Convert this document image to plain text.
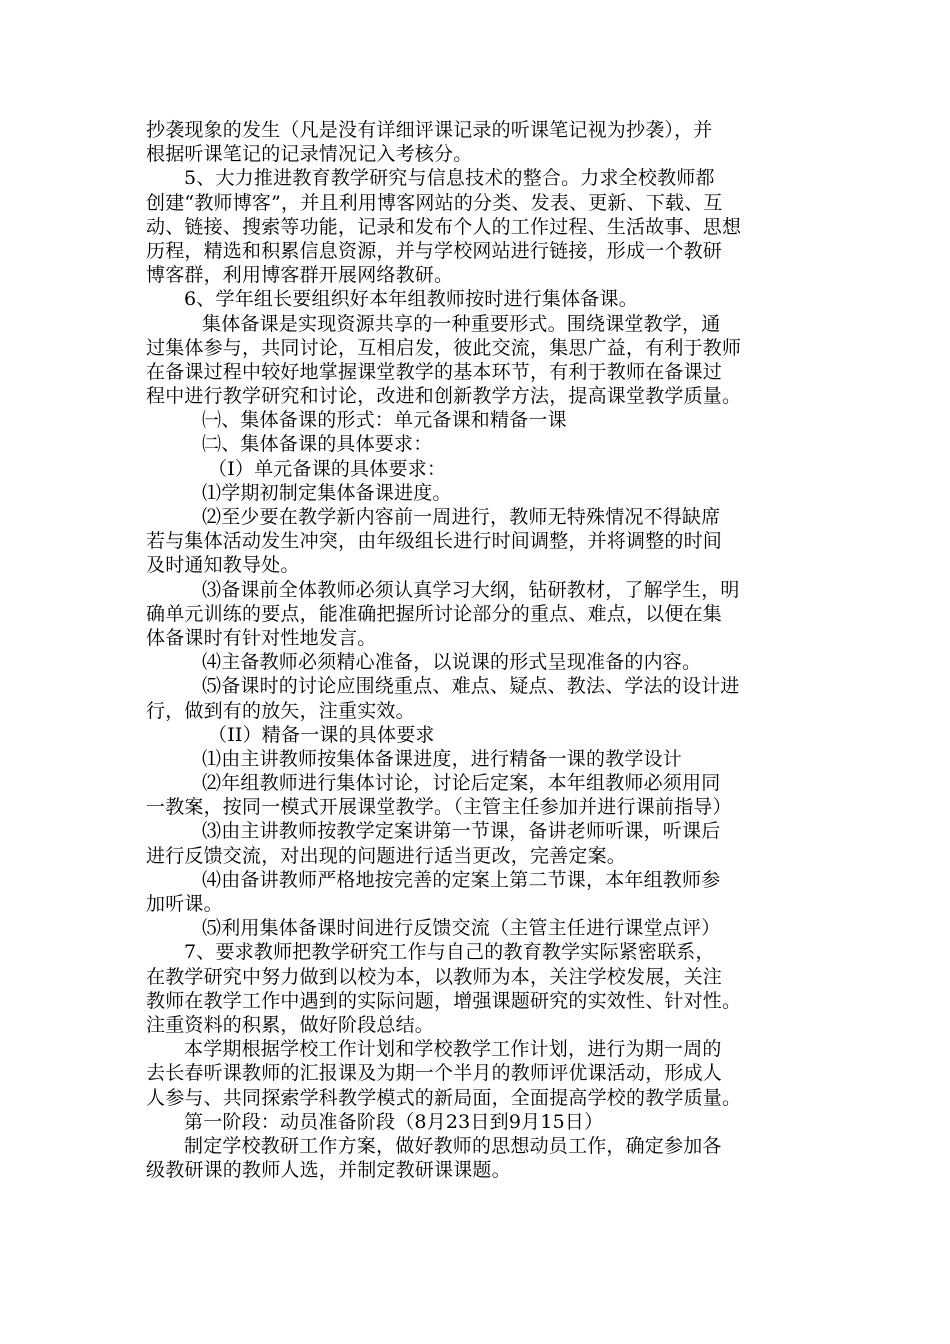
抄袭现象的发生（凡是没有详细评课记录的听课笔记视为抄袭），并
根据听课笔记的记录情况记入考核分。
5、大力推进教育教学研究与信息技术的整合。力求全校教师都
创建“教师博客”，并且利用博客网站的分类、发表、更新、下载、互
动、链接、搜索等功能，记录和发布个人的工作过程、生活故事、思想
历程，精选和积累信息资源，并与学校网站进行链接，形成一个教研
博客群，利用博客群开展网络教研。
6、学年组长要组织好本年组教师按时进行集体备课。
集体备课是实现资源共享的一种重要形式。围绕课堂教学，通
过集体参与，共同讨论，互相启发，彼此交流，集思广益，有利于教师
在备课过程中较好地掌握课堂教学的基本环节，有利于教师在备课过
程中进行教学研究和讨论，改进和创新教学方法，提高课堂教学质量。
㈠、集体备课的形式：单元备课和精备一课
㈡、集体备课的具体要求：
（I）单元备课的具体要求：
⑴学期初制定集体备课进度。
⑵至少要在教学新内容前一周进行，教师无特殊情况不得缺席
若与集体活动发生冲突，由年级组长进行时间调整，并将调整的时间
及时通知教导处。
⑶备课前全体教师必须认真学习大纲，钻研教材，了解学生，明
确单元训练的要点，能准确把握所讨论部分的重点、难点，以便在集
体备课时有针对性地发言。
⑷主备教师必须精心准备，以说课的形式呈现准备的内容。
⑸备课时的讨论应围绕重点、难点、疑点、教法、学法的设计进
行，做到有的放矢，注重实效。
（II）精备一课的具体要求
⑴由主讲教师按集体备课进度，进行精备一课的教学设计
⑵年组教师进行集体讨论，讨论后定案，本年组教师必须用同
一教案，按同一模式开展课堂教学。（主管主任参加并进行课前指导）
⑶由主讲教师按教学定案讲第一节课，备讲老师听课，听课后
进行反馈交流，对出现的问题进行适当更改，完善定案。
⑷由备讲教师严格地按完善的定案上第二节课，本年组教师参
加听课。
⑸利用集体备课时间进行反馈交流（主管主任进行课堂点评）
7、要求教师把教学研究工作与自己的教育教学实际紧密联系，
在教学研究中努力做到以校为本，以教师为本，关注学校发展，关注
教师在教学工作中遇到的实际问题，增强课题研究的实效性、针对性。
注重资料的积累，做好阶段总结。
本学期根据学校工作计划和学校教学工作计划，进行为期一周的
去长春听课教师的汇报课及为期一个半月的教师评优课活动，形成人
人参与、共同探索学科教学模式的新局面，全面提高学校的教学质量。
第一阶段：动员准备阶段（8月23日到9月15日）
制定学校教研工作方案，做好教师的思想动员工作，确定参加各
级教研课的教师人选，并制定教研课课题。
